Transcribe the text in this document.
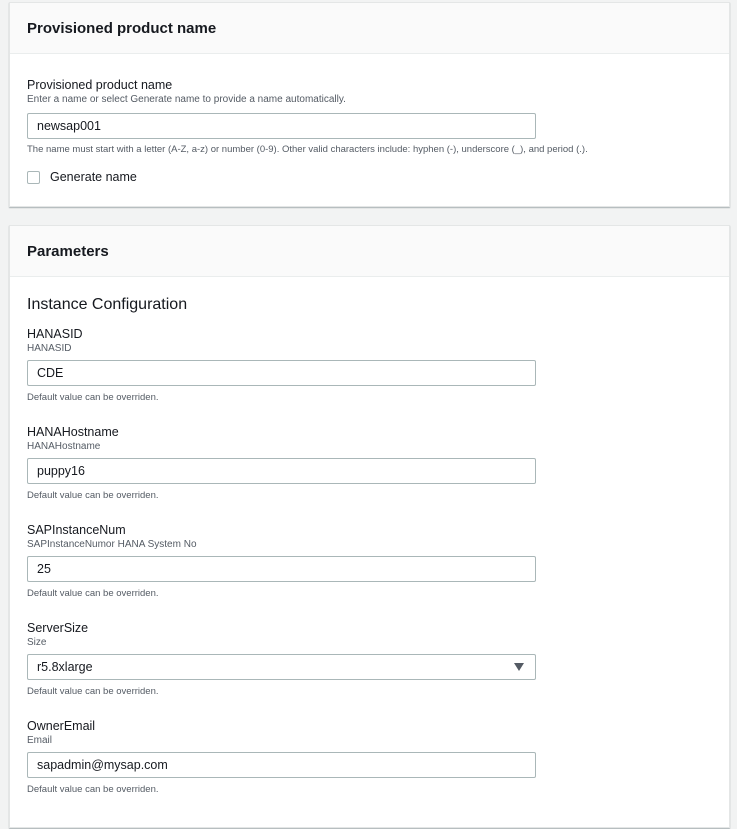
Provisioned product name
Provisioned product name
Enter a name or select Generate name to provide a name automatically.
newsap001
The name must start with a letter (A-Z, a-z) or number (0-9). Other valid characters include: hyphen (-), underscore (_), and period (.).
Generate name
Parameters
Instance Configuration
HANASID
HANASID
CDE
Default value can be overriden.
HANAHostname
HANAHostname
puppy16
Default value can be overriden.
SAPInstanceNum
SAPInstanceNumor HANA System No
25
Default value can be overriden.
ServerSize
Size
r5.8xlarge
Default value can be overriden.
OwnerEmail
Email
sapadmin@mysap.com
Default value can be overriden.
